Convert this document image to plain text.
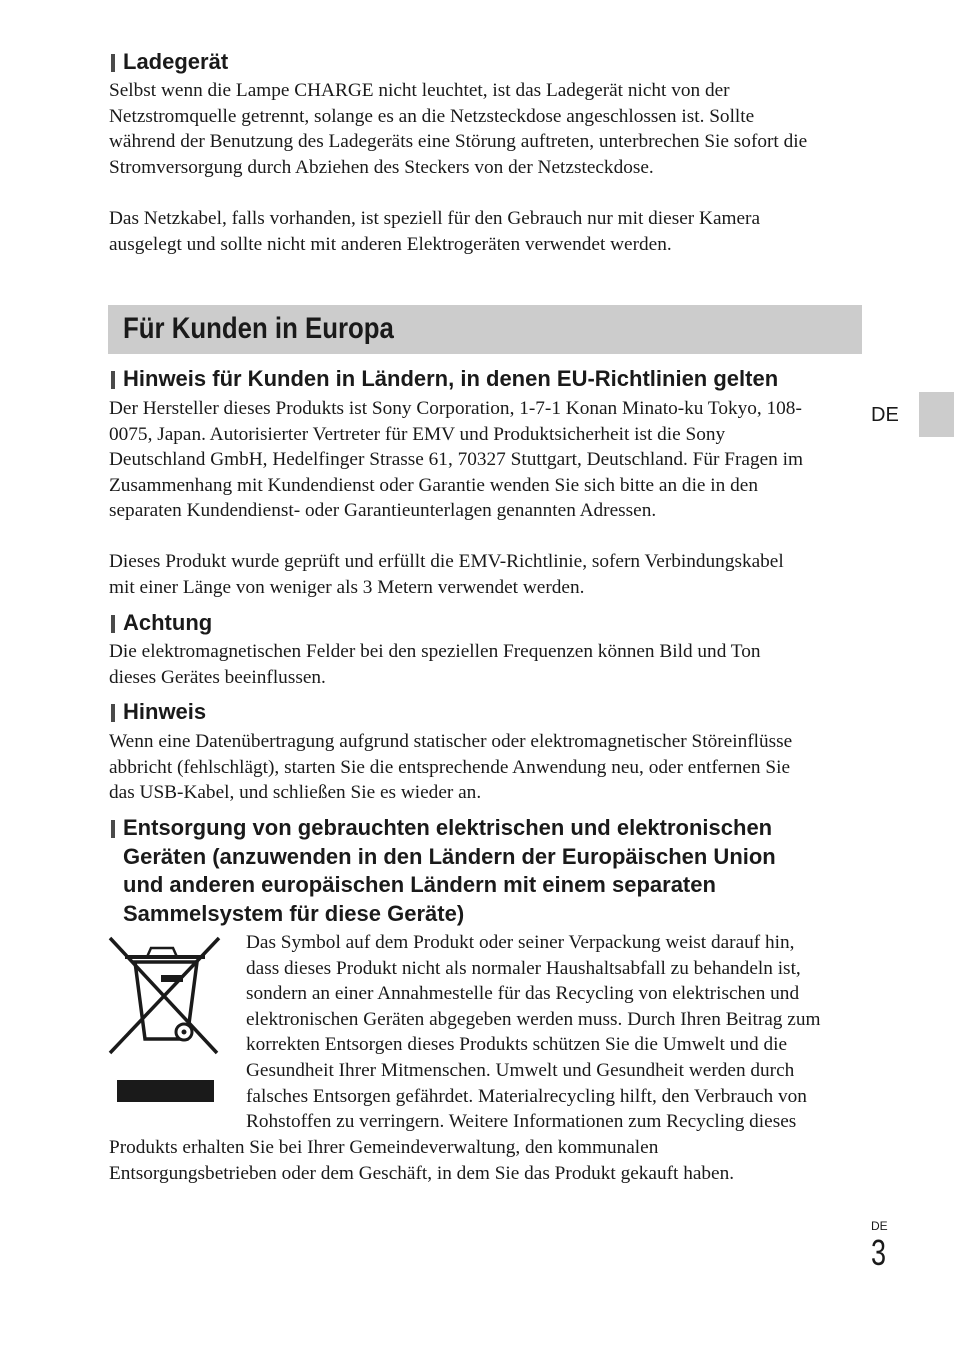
Ladegerät

Selbst wenn die Lampe CHARGE nicht leuchtet, ist das Ladegerät nicht von der

Netzstromquelle getrennt, solange es an die Netzsteckdose angeschlossen ist. Sollte

während der Benutzung des Ladegeräts eine Störung auftreten, unterbrechen Sie sofort die

Stromversorgung durch Abziehen des Steckers von der Netzsteckdose.

Das Netzkabel, falls vorhanden, ist speziell für den Gebrauch nur mit dieser Kamera

ausgelegt und sollte nicht mit anderen Elektrogeräten verwendet werden.

Für Kunden in Europa
DE
Hinweis für Kunden in Ländern, in denen EU-Richtlinien gelten

Der Hersteller dieses Produkts ist Sony Corporation, 1-7-1 Konan Minato-ku Tokyo, 108-

0075, Japan. Autorisierter Vertreter für EMV und Produktsicherheit ist die Sony

Deutschland GmbH, Hedelfinger Strasse 61, 70327 Stuttgart, Deutschland. Für Fragen im

Zusammenhang mit Kundendienst oder Garantie wenden Sie sich bitte an die in den

separaten Kundendienst- oder Garantieunterlagen genannten Adressen.

Dieses Produkt wurde geprüft und erfüllt die EMV-Richtlinie, sofern Verbindungskabel

mit einer Länge von weniger als 3 Metern verwendet werden.

Achtung

Die elektromagnetischen Felder bei den speziellen Frequenzen können Bild und Ton

dieses Gerätes beeinflussen.

Hinweis

Wenn eine Datenübertragung aufgrund statischer oder elektromagnetischer Störeinflüsse

abbricht (fehlschlägt), starten Sie die entsprechende Anwendung neu, oder entfernen Sie

das USB-Kabel, und schließen Sie es wieder an.

Entsorgung von gebrauchten elektrischen und elektronischen
Geräten (anzuwenden in den Ländern der Europäischen Union
und anderen europäischen Ländern mit einem separaten
Sammelsystem für diese Geräte)

Das Symbol auf dem Produkt oder seiner Verpackung weist darauf hin,

dass dieses Produkt nicht als normaler Haushaltsabfall zu behandeln ist,

sondern an einer Annahmestelle für das Recycling von elektrischen und

elektronischen Geräten abgegeben werden muss. Durch Ihren Beitrag zum

korrekten Entsorgen dieses Produkts schützen Sie die Umwelt und die

Gesundheit Ihrer Mitmenschen. Umwelt und Gesundheit werden durch

falsches Entsorgen gefährdet. Materialrecycling hilft, den Verbrauch von

Rohstoffen zu verringern. Weitere Informationen zum Recycling dieses

Produkts erhalten Sie bei Ihrer Gemeindeverwaltung, den kommunalen

Entsorgungsbetrieben oder dem Geschäft, in dem Sie das Produkt gekauft haben.

DE
3
